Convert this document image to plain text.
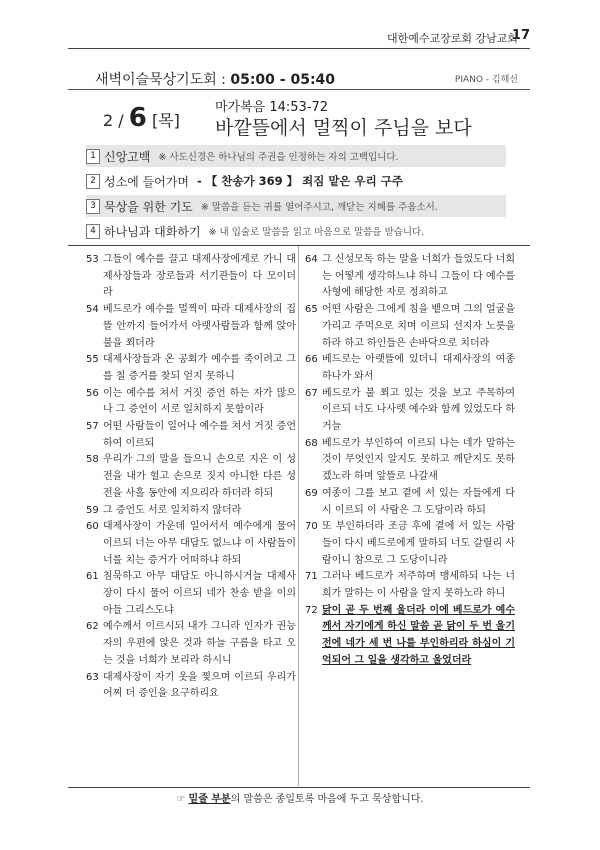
대한예수교장로회 강남교회
17
새벽이슬묵상기도회 : 05:00 - 05:40	PIANO - 김해선
2 / 6 [목]
마가복음 14:53-72
바깥뜰에서 멀찍이 주님을 보다
1 신앙고백 ※ 사도신경은 하나님의 주권을 인정하는 자의 고백입니다.
2 성소에 들어가며 - 【 찬송가 369 】 죄짐 맡은 우리 구주
3 묵상을 위한 기도 ※ 말씀을 듣는 귀를 열어주시고, 깨닫는 지혜를 주옵소서.
4 하나님과 대화하기 ※ 내 입술로 말씀을 읽고 마음으로 말씀을 받습니다.
53 그들이 예수를 끌고 대제사장에게로 가니 대제사장들과 장로들과 서기관들이 다 모이더라
54 베드로가 예수를 멀찍이 따라 대제사장의 집 뜰 안까지 들어가서 아랫사람들과 함께 앉아 불을 쬐더라
55 대제사장들과 온 공회가 예수를 죽이려고 그를 칠 증거를 찾되 얻지 못하니
56 이는 예수를 쳐서 거짓 증언 하는 자가 많으나 그 증언이 서로 일치하지 못함이라
57 어떤 사람들이 일어나 예수를 쳐서 거짓 증언 하여 이르되
58 우리가 그의 말을 들으니 손으로 지은 이 성전을 내가 헐고 손으로 짓지 아니한 다른 성전을 사흘 동안에 지으리라 하더라 하되
59 그 증언도 서로 일치하지 않더라
60 대제사장이 가운데 일어서서 예수에게 물어 이르되 너는 아무 대답도 없느냐 이 사람들이 너를 치는 증거가 어떠하냐 하되
61 침묵하고 아무 대답도 아니하시거늘 대제사장이 다시 물어 이르되 네가 찬송 받을 이의 아들 그리스도냐
62 예수께서 이르시되 내가 그니라 인자가 권능자의 우편에 앉은 것과 하늘 구름을 타고 오는 것을 너희가 보리라 하시니
63 대제사장이 자기 옷을 찢으며 이르되 우리가 어찌 더 증인을 요구하리요
64 그 신성모독 하는 말을 너희가 들었도다 너희는 어떻게 생각하느냐 하니 그들이 다 예수를 사형에 해당한 자로 정죄하고
65 어떤 사람은 그에게 침을 뱉으며 그의 얼굴을 가리고 주먹으로 치며 이르되 선지자 노릇을 하라 하고 하인들은 손바닥으로 치더라
66 베드로는 아랫뜰에 있더니 대제사장의 여종 하나가 와서
67 베드로가 불 쬐고 있는 것을 보고 주목하여 이르되 너도 나사렛 예수와 함께 있었도다 하거늘
68 베드로가 부인하여 이르되 나는 네가 말하는 것이 무엇인지 알지도 못하고 깨닫지도 못하겠노라 하며 앞뜰로 나갈새
69 여종이 그를 보고 곁에 서 있는 자들에게 다시 이르되 이 사람은 그 도당이라 하되
70 또 부인하더라 조금 후에 곁에 서 있는 사람들이 다시 베드로에게 말하되 너도 갈릴리 사람이니 참으로 그 도당이니라
71 그러나 베드로가 저주하며 맹세하되 나는 너희가 말하는 이 사람을 알지 못하노라 하니
72 닭이 곧 두 번째 울더라 이에 베드로가 예수께서 자기에게 하신 말씀 곧 닭이 두 번 울기 전에 네가 세 번 나를 부인하리라 하심이 기억되어 그 일을 생각하고 울었더라
☞ 밑줄 부분의 말씀은 종일토록 마음에 두고 묵상합니다.
